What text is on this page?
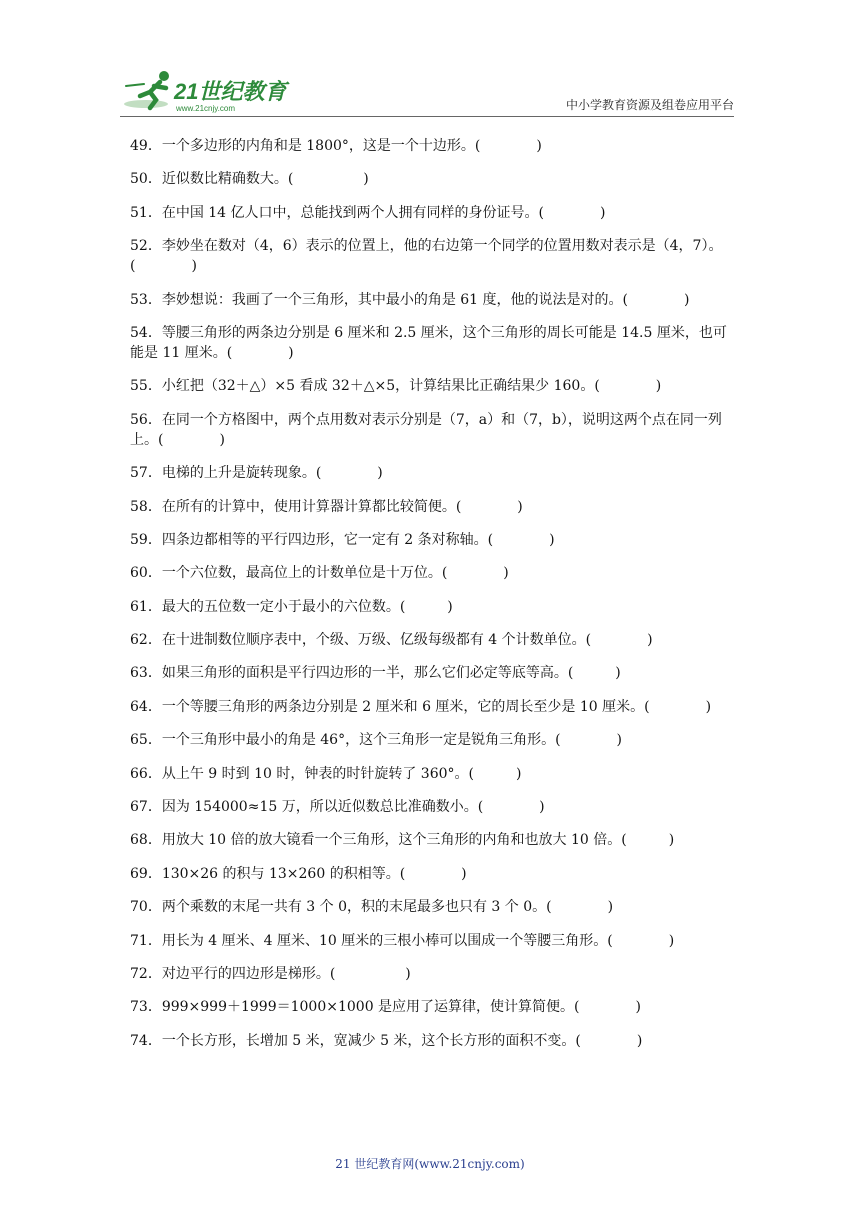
21世纪教育
www.21cnjy.com	中小学教育资源及组卷应用平台
49．一个多边形的内角和是 1800°，这是一个十边形。(　　　　)
50．近似数比精确数大。(　　　　　)
51．在中国 14 亿人口中，总能找到两个人拥有同样的身份证号。(　　　　)
52．李妙坐在数对（4，6）表示的位置上，他的右边第一个同学的位置用数对表示是（4，7）。(　　　　)
53．李妙想说：我画了一个三角形，其中最小的角是 61 度，他的说法是对的。(　　　　)
54．等腰三角形的两条边分别是 6 厘米和 2.5 厘米，这个三角形的周长可能是 14.5 厘米，也可能是 11 厘米。(　　　　)
55．小红把（32＋△）×5 看成 32＋△×5，计算结果比正确结果少 160。(　　　　)
56．在同一个方格图中，两个点用数对表示分别是（7，a）和（7，b），说明这两个点在同一列上。(　　　　)
57．电梯的上升是旋转现象。(　　　　)
58．在所有的计算中，使用计算器计算都比较简便。(　　　　)
59．四条边都相等的平行四边形，它一定有 2 条对称轴。(　　　　)
60．一个六位数，最高位上的计数单位是十万位。(　　　　)
61．最大的五位数一定小于最小的六位数。(　　　)
62．在十进制数位顺序表中，个级、万级、亿级每级都有 4 个计数单位。(　　　　)
63．如果三角形的面积是平行四边形的一半，那么它们必定等底等高。(　　　)
64．一个等腰三角形的两条边分别是 2 厘米和 6 厘米，它的周长至少是 10 厘米。(　　　　)
65．一个三角形中最小的角是 46°，这个三角形一定是锐角三角形。(　　　　)
66．从上午 9 时到 10 时，钟表的时针旋转了 360°。(　　　)
67．因为 154000≈15 万，所以近似数总比准确数小。(　　　　)
68．用放大 10 倍的放大镜看一个三角形，这个三角形的内角和也放大 10 倍。(　　　)
69．130×26 的积与 13×260 的积相等。(　　　　)
70．两个乘数的末尾一共有 3 个 0，积的末尾最多也只有 3 个 0。(　　　　)
71．用长为 4 厘米、4 厘米、10 厘米的三根小棒可以围成一个等腰三角形。(　　　　)
72．对边平行的四边形是梯形。(　　　　　)
73．999×999＋1999＝1000×1000 是应用了运算律，使计算简便。(　　　　)
74．一个长方形，长增加 5 米，宽减少 5 米，这个长方形的面积不变。(　　　　)
21 世纪教育网(www.21cnjy.com)
